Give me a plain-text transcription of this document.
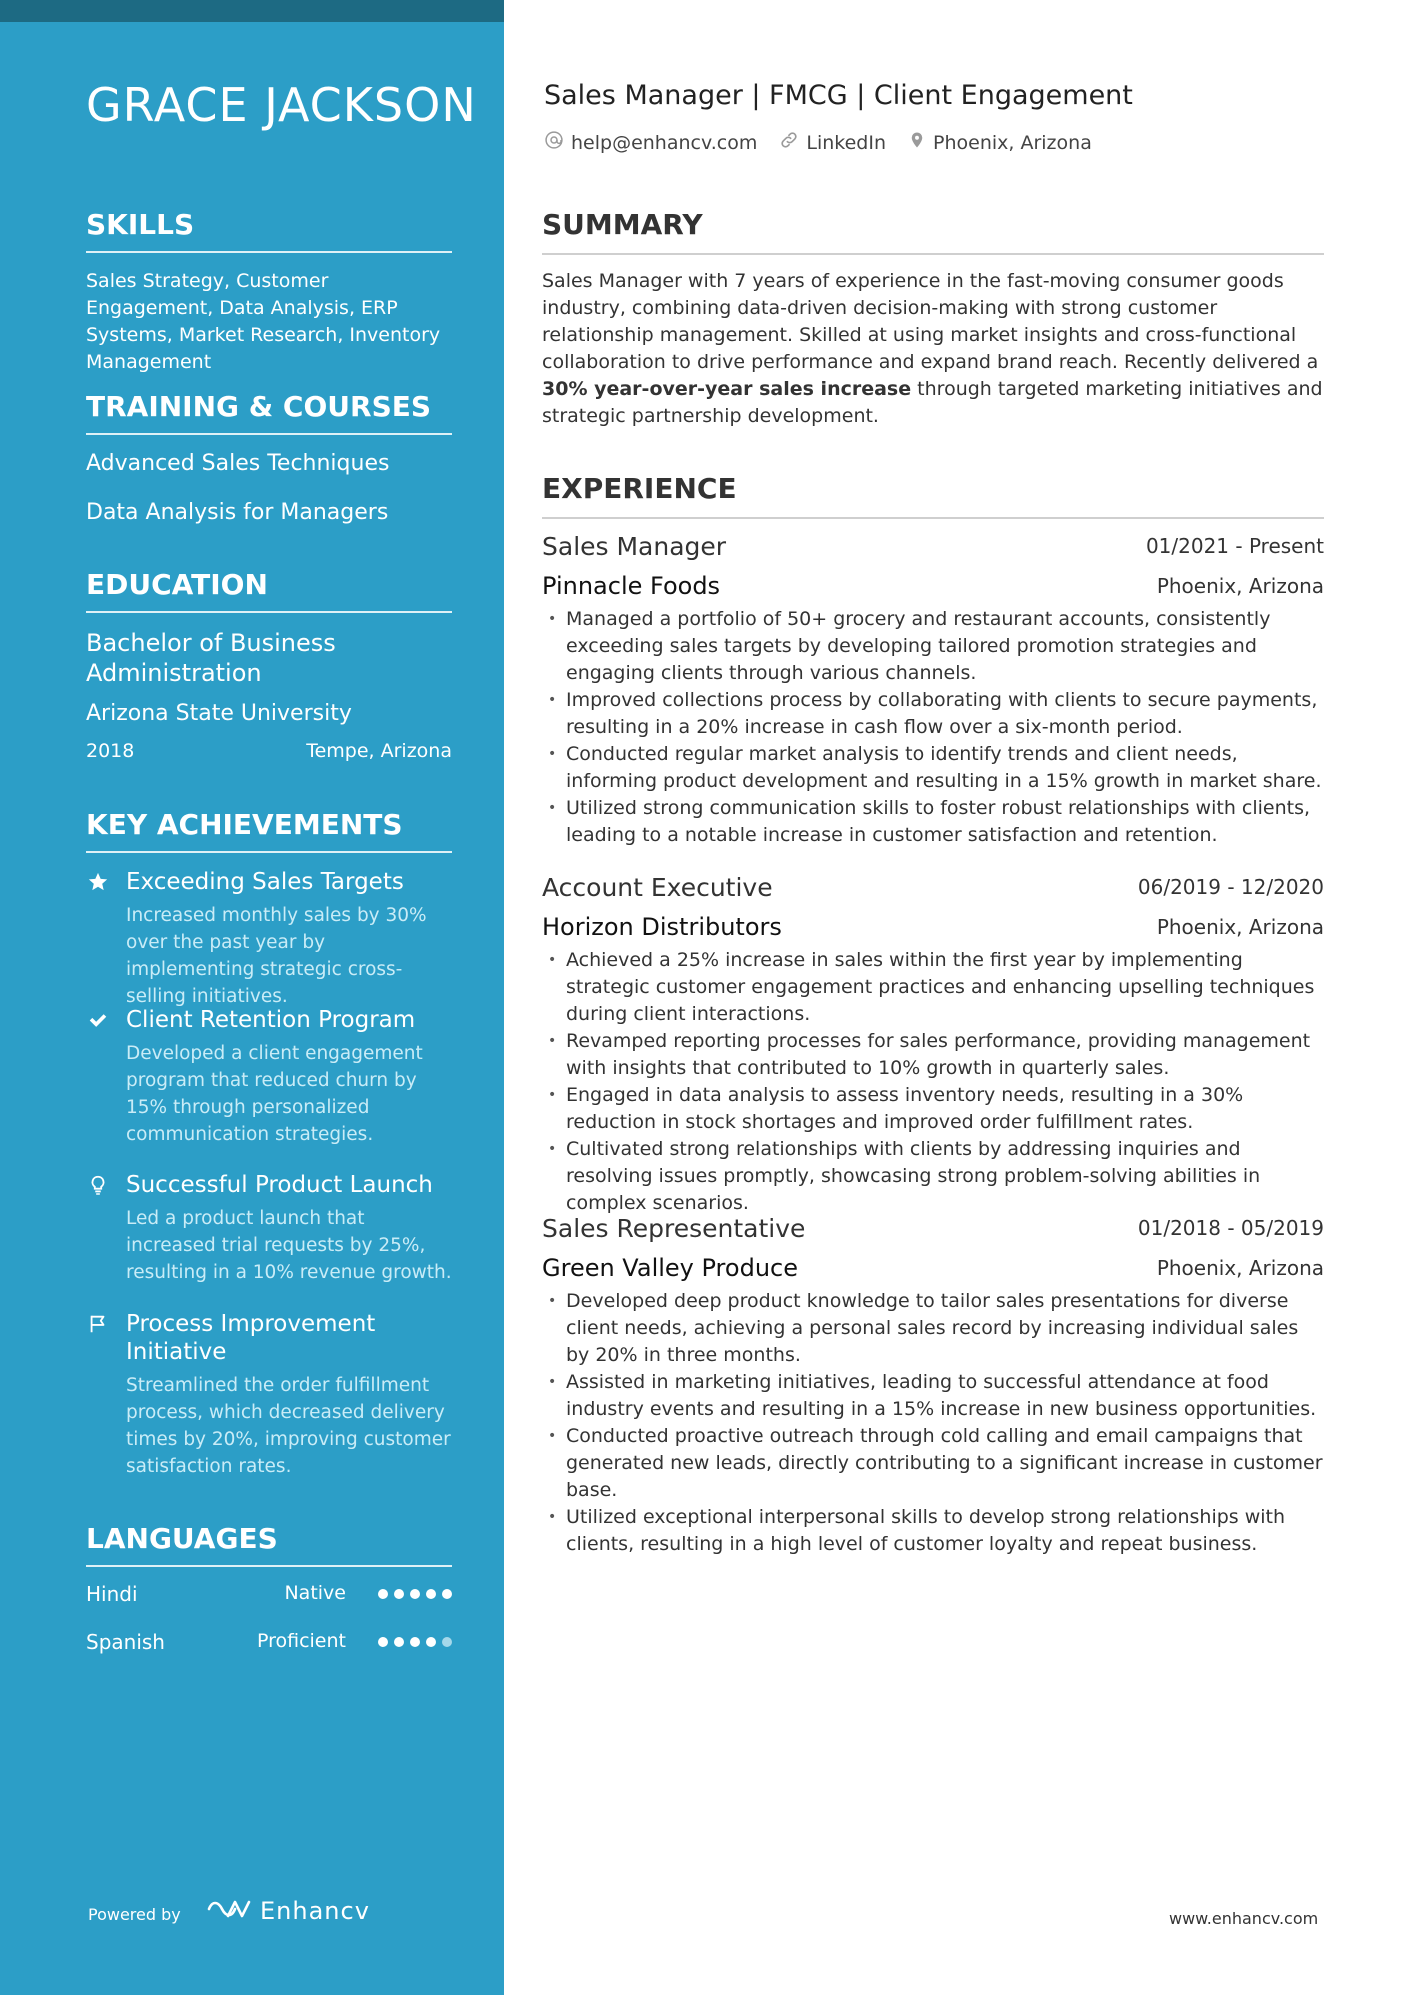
GRACE JACKSON
SKILLS

Sales Strategy, Customer Engagement, Data Analysis, ERP Systems, Market Research, Inventory Management

TRAINING & COURSES
Advanced Sales Techniques
Data Analysis for Managers
EDUCATION
Bachelor of Business Administration
Arizona State University
2018	Tempe, Arizona
KEY ACHIEVEMENTS
Exceeding Sales Targets
Increased monthly sales by 30% over the past year by implementing strategic cross-selling initiatives.
Client Retention Program
Developed a client engagement program that reduced churn by 15% through personalized communication strategies.
Successful Product Launch
Led a product launch that increased trial requests by 25%, resulting in a 10% revenue growth.
Process Improvement Initiative
Streamlined the order fulfillment process, which decreased delivery times by 20%, improving customer satisfaction rates.
LANGUAGES
Hindi	Native
Spanish	Proficient
Powered by	Enhancv
Sales Manager | FMCG | Client Engagement
help@enhancv.com	LinkedIn Phoenix, Arizona
SUMMARY

Sales Manager with 7 years of experience in the fast-moving consumer goods industry, combining data-driven decision-making with strong customer relationship management. Skilled at using market insights and cross-functional collaboration to drive performance and expand brand reach. Recently delivered a 30% year-over-year sales increase through targeted marketing initiatives and strategic partnership development.

EXPERIENCE
Sales Manager	01/2021 - Present
Pinnacle Foods	Phoenix, Arizona
• Managed a portfolio of 50+ grocery and restaurant accounts, consistently exceeding sales targets by developing tailored promotion strategies and engaging clients through various channels.
• Improved collections process by collaborating with clients to secure payments, resulting in a 20% increase in cash flow over a six-month period.
• Conducted regular market analysis to identify trends and client needs, informing product development and resulting in a 15% growth in market share.
• Utilized strong communication skills to foster robust relationships with clients, leading to a notable increase in customer satisfaction and retention.
Account Executive	06/2019 - 12/2020
Horizon Distributors	Phoenix, Arizona
• Achieved a 25% increase in sales within the first year by implementing strategic customer engagement practices and enhancing upselling techniques during client interactions.
• Revamped reporting processes for sales performance, providing management with insights that contributed to 10% growth in quarterly sales.
• Engaged in data analysis to assess inventory needs, resulting in a 30% reduction in stock shortages and improved order fulfillment rates.
• Cultivated strong relationships with clients by addressing inquiries and resolving issues promptly, showcasing strong problem-solving abilities in complex scenarios.
Sales Representative	01/2018 - 05/2019
Green Valley Produce	Phoenix, Arizona
• Developed deep product knowledge to tailor sales presentations for diverse client needs, achieving a personal sales record by increasing individual sales by 20% in three months.
• Assisted in marketing initiatives, leading to successful attendance at food industry events and resulting in a 15% increase in new business opportunities.
• Conducted proactive outreach through cold calling and email campaigns that generated new leads, directly contributing to a significant increase in customer base.
• Utilized exceptional interpersonal skills to develop strong relationships with clients, resulting in a high level of customer loyalty and repeat business.
www.enhancv.com
